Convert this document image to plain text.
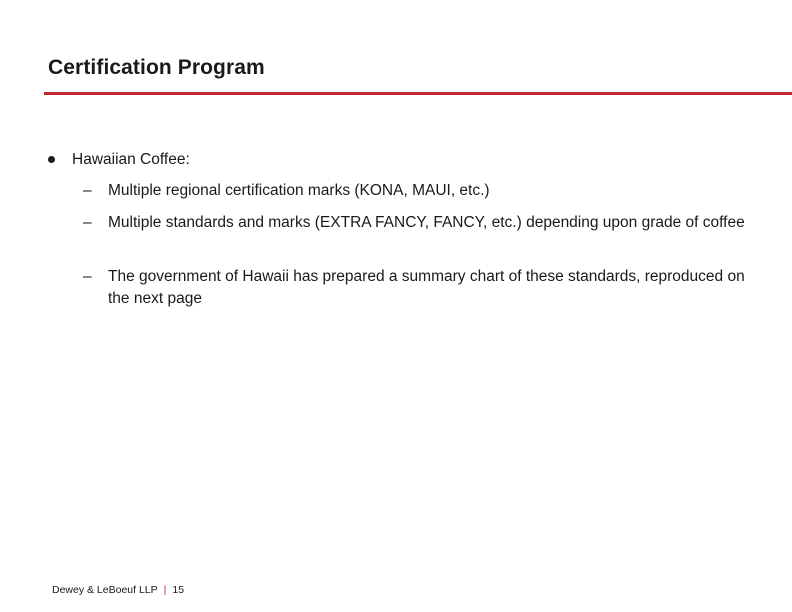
Certification Program
Hawaiian Coffee:
– Multiple regional certification marks (KONA, MAUI, etc.)
– Multiple standards and marks (EXTRA FANCY, FANCY, etc.) depending upon grade of coffee
– The government of Hawaii has prepared a summary chart of these standards, reproduced on the next page
Dewey & LeBoeuf LLP | 15
